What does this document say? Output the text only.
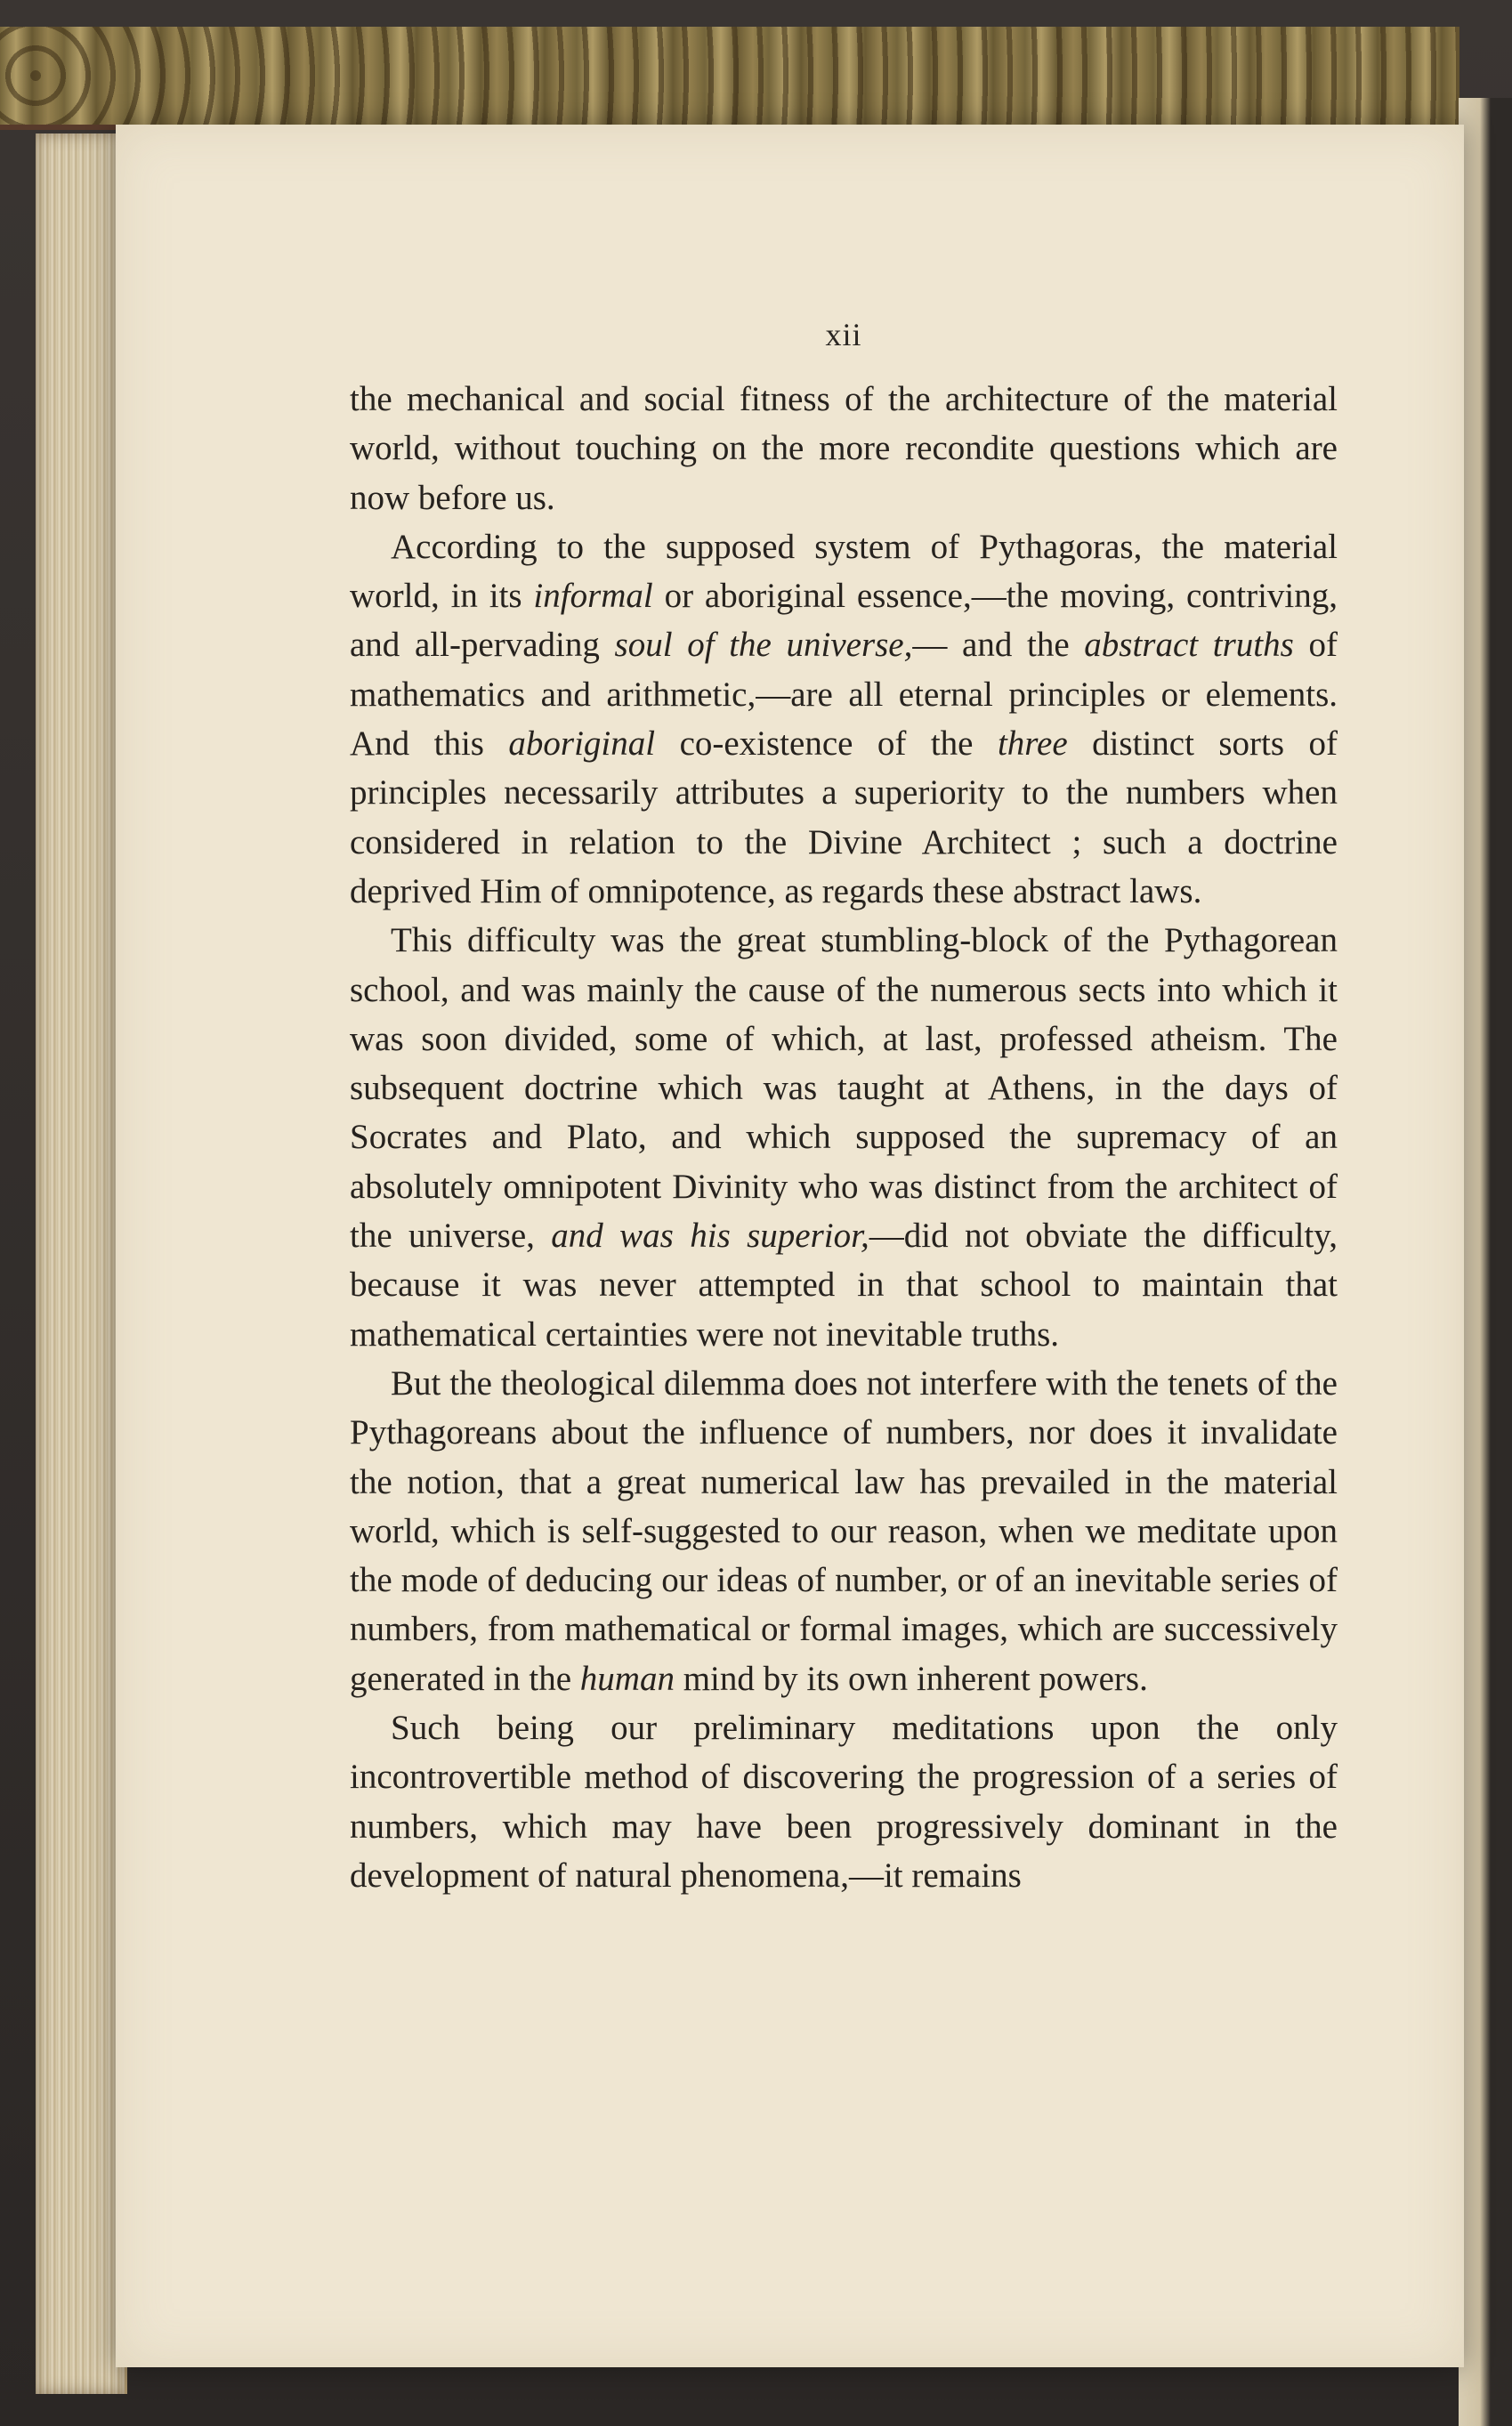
xii

the mechanical and social fitness of the architecture of the material world, without touching on the more recondite questions which are now before us.

According to the supposed system of Pythagoras, the material world, in its informal or aboriginal essence,—the moving, contriving, and all-pervading soul of the universe,— and the abstract truths of mathematics and arithmetic,—are all eternal principles or elements. And this aboriginal co-existence of the three distinct sorts of principles necessarily attributes a superiority to the numbers when considered in relation to the Divine Architect ; such a doctrine deprived Him of omnipotence, as regards these abstract laws.

This difficulty was the great stumbling-block of the Pythagorean school, and was mainly the cause of the numerous sects into which it was soon divided, some of which, at last, professed atheism. The subsequent doctrine which was taught at Athens, in the days of Socrates and Plato, and which supposed the supremacy of an absolutely omnipotent Divinity who was distinct from the architect of the universe, and was his superior,—did not obviate the difficulty, because it was never attempted in that school to maintain that mathematical certainties were not inevitable truths.

But the theological dilemma does not interfere with the tenets of the Pythagoreans about the influence of numbers, nor does it invalidate the notion, that a great numerical law has prevailed in the material world, which is self-suggested to our reason, when we meditate upon the mode of deducing our ideas of number, or of an inevitable series of numbers, from mathematical or formal images, which are successively generated in the human mind by its own inherent powers.

Such being our preliminary meditations upon the only incontrovertible method of discovering the progression of a series of numbers, which may have been progressively dominant in the development of natural phenomena,—it remains
